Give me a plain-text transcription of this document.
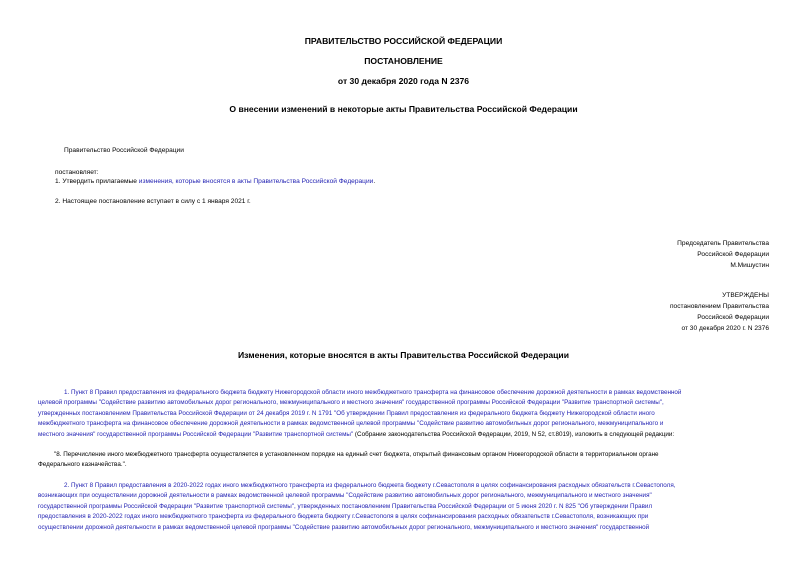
ПРАВИТЕЛЬСТВО РОССИЙСКОЙ ФЕДЕРАЦИИ
ПОСТАНОВЛЕНИЕ
от 30 декабря 2020 года N 2376
О внесении изменений в некоторые акты Правительства Российской Федерации
Правительство Российской Федерации
постановляет:
1. Утвердить прилагаемые изменения, которые вносятся в акты Правительства Российской Федерации.
2. Настоящее постановление вступает в силу с 1 января 2021 г.
Председатель Правительства
Российской Федерации
М.Мишустин
УТВЕРЖДЕНЫ
постановлением Правительства
Российской Федерации
от 30 декабря 2020 г. N 2376
Изменения, которые вносятся в акты Правительства Российской Федерации
1. Пункт 8 Правил предоставления из федерального бюджета бюджету Нижегородской области иного межбюджетного трансферта на финансовое обеспечение дорожной деятельности в рамках ведомственной
целевой программы "Содействие развитию автомобильных дорог регионального, межмуниципального и местного значения" государственной программы Российской Федерации "Развитие транспортной системы",
утвержденных постановлением Правительства Российской Федерации от 24 декабря 2019 г. N 1791 "Об утверждении Правил предоставления из федерального бюджета бюджету Нижегородской области иного
межбюджетного трансферта на финансовое обеспечение дорожной деятельности в рамках ведомственной целевой программы "Содействие развитию автомобильных дорог регионального, межмуниципального и
местного значения" государственной программы Российской Федерации "Развитие транспортной системы" (Собрание законодательства Российской Федерации, 2019, N 52, ст.8019), изложить в следующей редакции:
"8. Перечисление иного межбюджетного трансферта осуществляется в установленном порядке на единый счет бюджета, открытый финансовым органом Нижегородской области в территориальном органе
Федерального казначейства.".
2. Пункт 8 Правил предоставления в 2020-2022 годах иного межбюджетного трансферта из федерального бюджета бюджету г.Севастополя в целях софинансирования расходных обязательств г.Севастополя,
возникающих при осуществлении дорожной деятельности в рамках ведомственной целевой программы "Содействие развитию автомобильных дорог регионального, межмуниципального и местного значения"
государственной программы Российской Федерации "Развитие транспортной системы", утвержденных постановлением Правительства Российской Федерации от 5 июня 2020 г. N 825 "Об утверждении Правил
предоставления в 2020-2022 годах иного межбюджетного трансферта из федерального бюджета бюджету г.Севастополя в целях софинансирования расходных обязательств г.Севастополя, возникающих при
осуществлении дорожной деятельности в рамках ведомственной целевой программы "Содействие развитию автомобильных дорог регионального, межмуниципального и местного значения" государственной
